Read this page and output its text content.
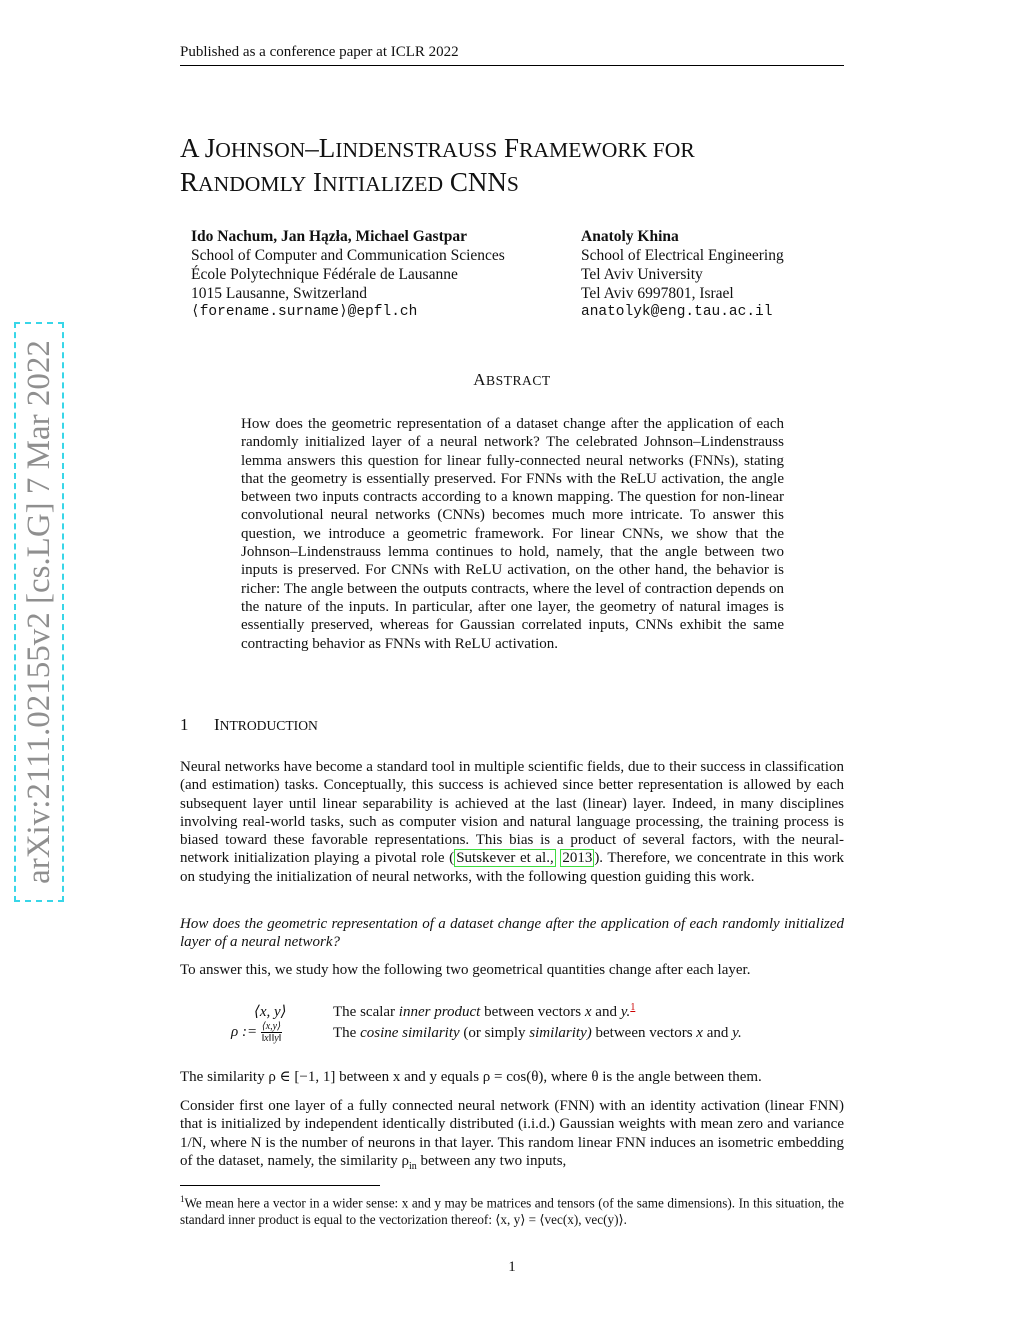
Published as a conference paper at ICLR 2022
arXiv:2111.02155v2 [cs.LG] 7 Mar 2022
A JOHNSON–LINDENSTRAUSS FRAMEWORK FOR
RANDOMLY INITIALIZED CNNS
Ido Nachum, Jan Hązła, Michael Gastpar
School of Computer and Communication Sciences
École Polytechnique Fédérale de Lausanne
1015 Lausanne, Switzerland
⟨forename.surname⟩@epfl.ch
Anatoly Khina
School of Electrical Engineering
Tel Aviv University
Tel Aviv 6997801, Israel
anatolyk@eng.tau.ac.il
ABSTRACT
How does the geometric representation of a dataset change after the application of each randomly initialized layer of a neural network? The celebrated Johnson–Lindenstrauss lemma answers this question for linear fully-connected neural networks (FNNs), stating that the geometry is essentially preserved. For FNNs with the ReLU activation, the angle between two inputs contracts according to a known mapping. The question for non-linear convolutional neural networks (CNNs) becomes much more intricate. To answer this question, we introduce a geometric framework. For linear CNNs, we show that the Johnson–Lindenstrauss lemma continues to hold, namely, that the angle between two inputs is preserved. For CNNs with ReLU activation, on the other hand, the behavior is richer: The angle between the outputs contracts, where the level of contraction depends on the nature of the inputs. In particular, after one layer, the geometry of natural images is essentially preserved, whereas for Gaussian correlated inputs, CNNs exhibit the same contracting behavior as FNNs with ReLU activation.
1 INTRODUCTION
Neural networks have become a standard tool in multiple scientific fields, due to their success in classification (and estimation) tasks. Conceptually, this success is achieved since better representation is allowed by each subsequent layer until linear separability is achieved at the last (linear) layer. Indeed, in many disciplines involving real-world tasks, such as computer vision and natural language processing, the training process is biased toward these favorable representations. This bias is a product of several factors, with the neural-network initialization playing a pivotal role ( Sutskever et al., 2013 ). Therefore, we concentrate in this work on studying the initialization of neural networks, with the following question guiding this work.
How does the geometric representation of a dataset change after the application of each randomly initialized layer of a neural network?
To answer this, we study how the following two geometrical quantities change after each layer.
⟨x, y⟩	The scalar inner product between vectors x and y.$^1$
ρ := $\frac{⟨x,y⟩}{‖x‖‖y‖}$	The cosine similarity (or simply similarity) between vectors x and y.
The similarity ρ ∈ [−1, 1] between x and y equals ρ = cos(θ), where θ is the angle between them.
Consider first one layer of a fully connected neural network (FNN) with an identity activation (linear FNN) that is initialized by independent identically distributed (i.i.d.) Gaussian weights with mean zero and variance 1/N, where N is the number of neurons in that layer. This random linear FNN induces an isometric embedding of the dataset, namely, the similarity $\rho_{in}$ between any two inputs,
$^1$We mean here a vector in a wider sense: x and y may be matrices and tensors (of the same dimensions). In this situation, the standard inner product is equal to the vectorization thereof: ⟨x, y⟩ = ⟨vec(x), vec(y)⟩.
1
